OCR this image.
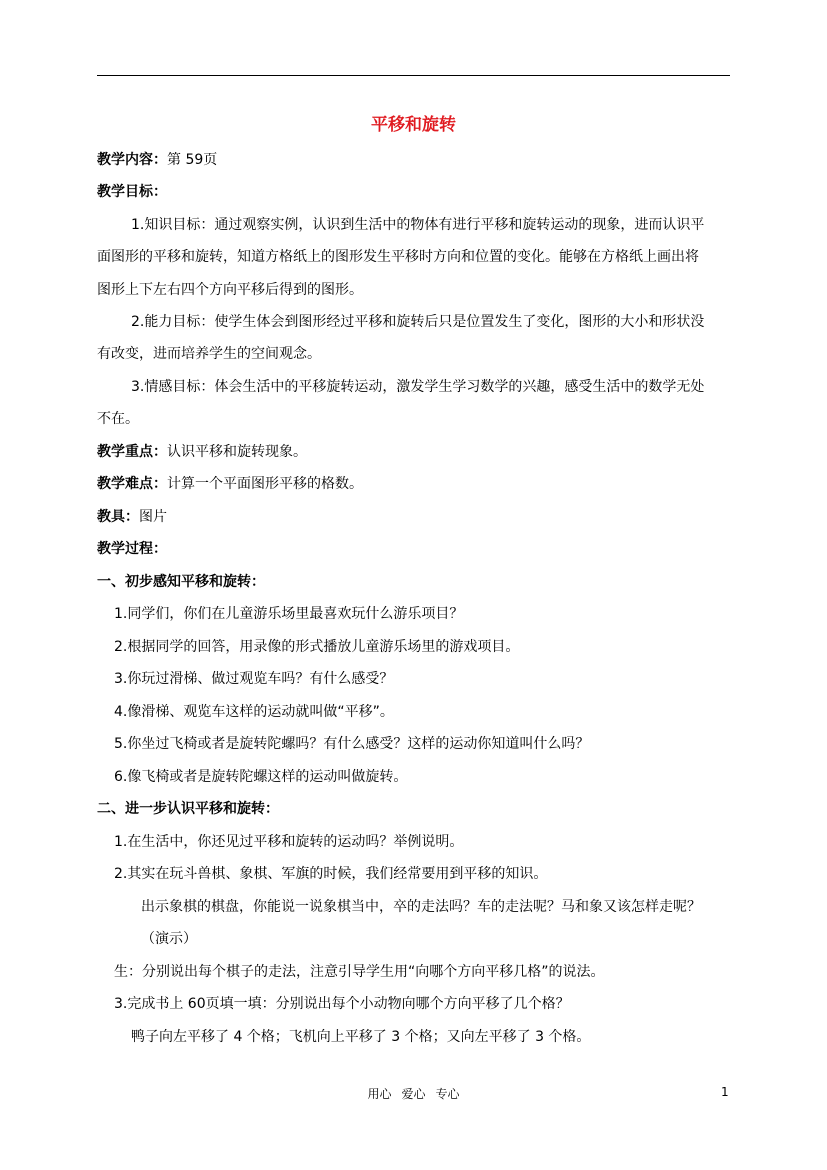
平移和旋转
教学内容：第 59页
教学目标：
1.知识目标：通过观察实例，认识到生活中的物体有进行平移和旋转运动的现象，进而认识平
面图形的平移和旋转，知道方格纸上的图形发生平移时方向和位置的变化。能够在方格纸上画出将
图形上下左右四个方向平移后得到的图形。
2.能力目标：使学生体会到图形经过平移和旋转后只是位置发生了变化，图形的大小和形状没
有改变，进而培养学生的空间观念。
3.情感目标：体会生活中的平移旋转运动，激发学生学习数学的兴趣，感受生活中的数学无处
不在。
教学重点：认识平移和旋转现象。
教学难点：计算一个平面图形平移的格数。
教具：图片
教学过程：
一、初步感知平移和旋转：
1.同学们，你们在儿童游乐场里最喜欢玩什么游乐项目？
2.根据同学的回答，用录像的形式播放儿童游乐场里的游戏项目。
3.你玩过滑梯、做过观览车吗？有什么感受？
4.像滑梯、观览车这样的运动就叫做“平移”。
5.你坐过飞椅或者是旋转陀螺吗？有什么感受？这样的运动你知道叫什么吗？
6.像飞椅或者是旋转陀螺这样的运动叫做旋转。
二、进一步认识平移和旋转：
1.在生活中，你还见过平移和旋转的运动吗？举例说明。
2.其实在玩斗兽棋、象棋、军旗的时候，我们经常要用到平移的知识。
出示象棋的棋盘，你能说一说象棋当中，卒的走法吗？车的走法呢？马和象又该怎样走呢？
（演示）
生：分别说出每个棋子的走法，注意引导学生用“向哪个方向平移几格”的说法。
3.完成书上 60页填一填：分别说出每个小动物向哪个方向平移了几个格？
鸭子向左平移了 4 个格；飞机向上平移了 3 个格；又向左平移了 3 个格。
用心 爱心 专心	1
